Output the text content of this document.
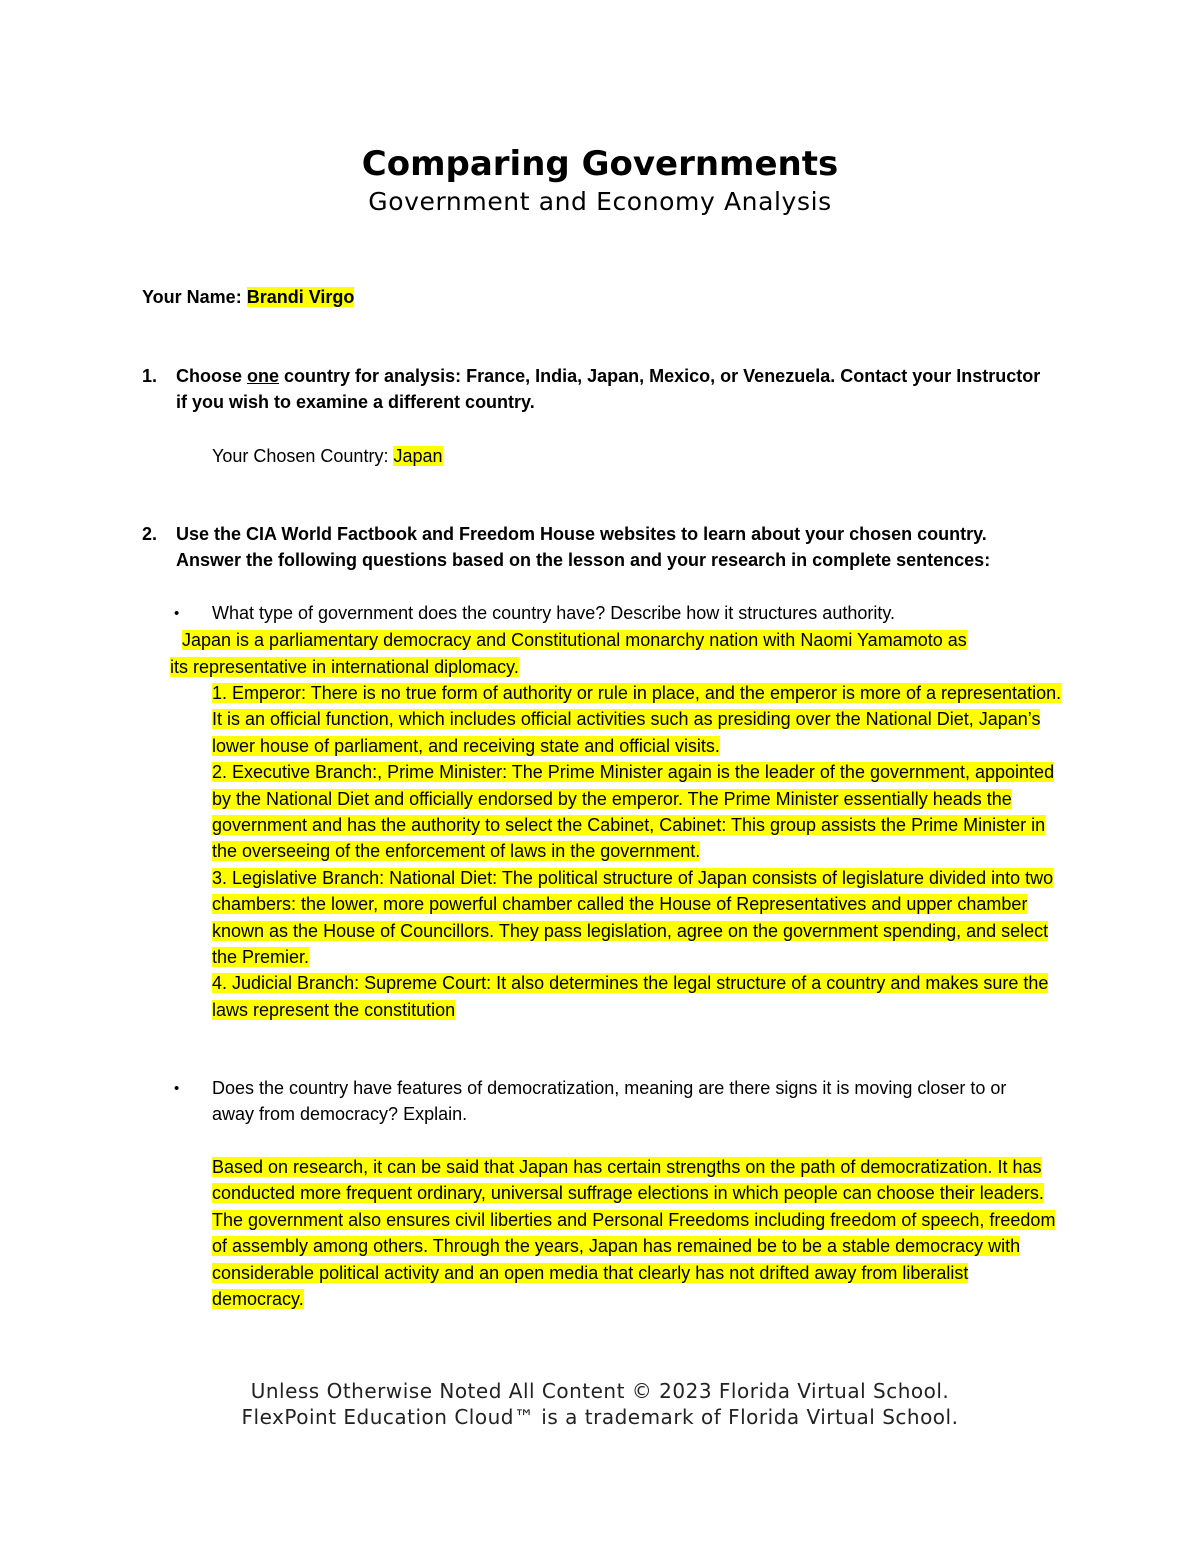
Comparing Governments
Government and Economy Analysis
Your Name: Brandi Virgo
1. Choose one country for analysis: France, India, Japan, Mexico, or Venezuela. Contact your Instructor if you wish to examine a different country.
Your Chosen Country: Japan
2. Use the CIA World Factbook and Freedom House websites to learn about your chosen country. Answer the following questions based on the lesson and your research in complete sentences:
• What type of government does the country have? Describe how it structures authority.
Japan is a parliamentary democracy and Constitutional monarchy nation with Naomi Yamamoto as
its representative in international diplomacy.
1. Emperor: There is no true form of authority or rule in place, and the emperor is more of a representation. It is an official function, which includes official activities such as presiding over the National Diet, Japan’s lower house of parliament, and receiving state and official visits.
2. Executive Branch:, Prime Minister: The Prime Minister again is the leader of the government, appointed by the National Diet and officially endorsed by the emperor. The Prime Minister essentially heads the government and has the authority to select the Cabinet, Cabinet: This group assists the Prime Minister in the overseeing of the enforcement of laws in the government.
3. Legislative Branch: National Diet: The political structure of Japan consists of legislature divided into two chambers: the lower, more powerful chamber called the House of Representatives and upper chamber known as the House of Councillors. They pass legislation, agree on the government spending, and select the Premier.
4. Judicial Branch: Supreme Court: It also determines the legal structure of a country and makes sure the laws represent the constitution
• Does the country have features of democratization, meaning are there signs it is moving closer to or away from democracy? Explain.
Based on research, it can be said that Japan has certain strengths on the path of democratization. It has conducted more frequent ordinary, universal suffrage elections in which people can choose their leaders. The government also ensures civil liberties and Personal Freedoms including freedom of speech, freedom of assembly among others. Through the years, Japan has remained be to be a stable democracy with considerable political activity and an open media that clearly has not drifted away from liberalist democracy.
Unless Otherwise Noted All Content © 2023 Florida Virtual School.
FlexPoint Education Cloud™ is a trademark of Florida Virtual School.
